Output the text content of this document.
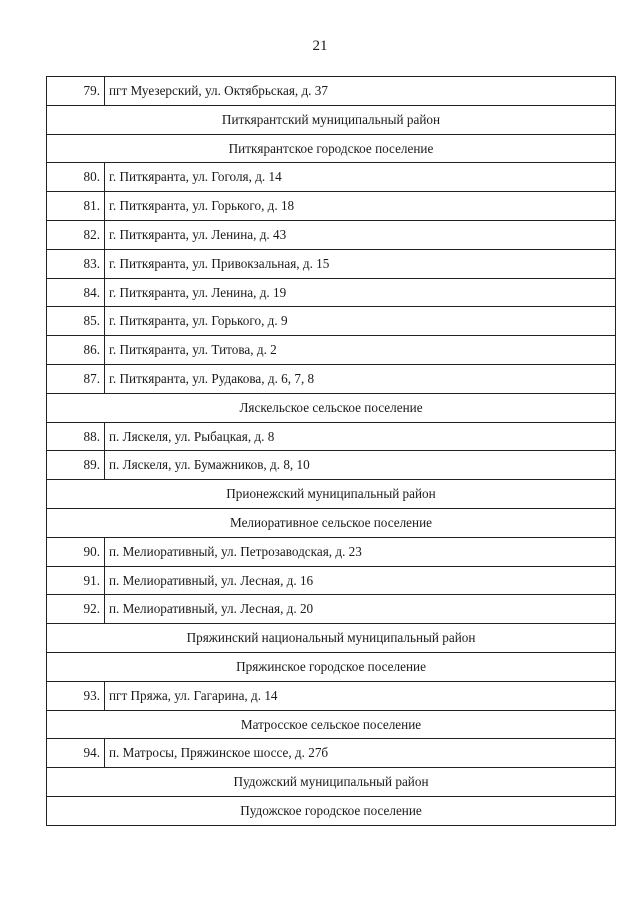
21
79.	пгт Муезерский, ул. Октябрьская, д. 37
Питкярантский муниципальный район	
Питкярантское городское поселение	
80.	г. Питкяранта, ул. Гоголя, д. 14
81.	г. Питкяранта, ул. Горького, д. 18
82.	г. Питкяранта, ул. Ленина, д. 43
83.	г. Питкяранта, ул. Привокзальная, д. 15
84.	г. Питкяранта, ул. Ленина, д. 19
85.	г. Питкяранта, ул. Горького, д. 9
86.	г. Питкяранта, ул. Титова, д. 2
87.	г. Питкяранта, ул. Рудакова, д. 6, 7, 8
Ляскельское сельское поселение	
88.	п. Ляскеля, ул. Рыбацкая, д. 8
89.	п. Ляскеля, ул. Бумажников, д. 8, 10
Прионежский муниципальный район	
Мелиоративное сельское поселение	
90.	п. Мелиоративный, ул. Петрозаводская, д. 23
91.	п. Мелиоративный, ул. Лесная, д. 16
92.	п. Мелиоративный, ул. Лесная, д. 20
Пряжинский национальный муниципальный район	
Пряжинское городское поселение	
93.	пгт Пряжа, ул. Гагарина, д. 14
Матросское сельское поселение	
94.	п. Матросы, Пряжинское шоссе, д. 27б
Пудожский муниципальный район	
Пудожское городское поселение	
